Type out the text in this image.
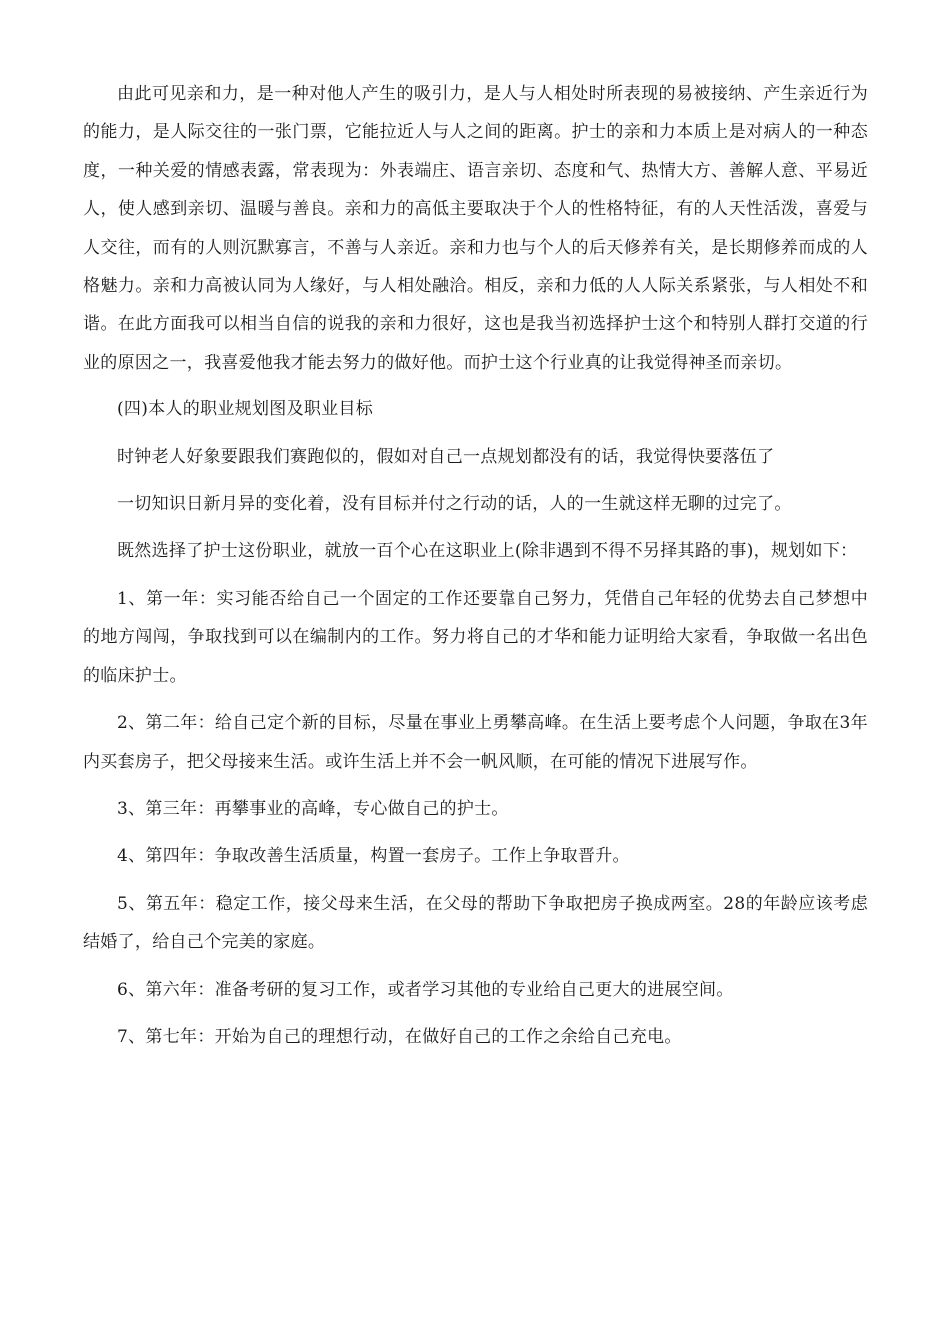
由此可见亲和力，是一种对他人产生的吸引力，是人与人相处时所表现的易被接纳、产生亲近行为的能力，是人际交往的一张门票，它能拉近人与人之间的距离。护士的亲和力本质上是对病人的一种态度，一种关爱的情感表露，常表现为：外表端庄、语言亲切、态度和气、热情大方、善解人意、平易近人，使人感到亲切、温暖与善良。亲和力的高低主要取决于个人的性格特征，有的人天性活泼，喜爱与人交往，而有的人则沉默寡言，不善与人亲近。亲和力也与个人的后天修养有关，是长期修养而成的人格魅力。亲和力高被认同为人缘好，与人相处融洽。相反，亲和力低的人人际关系紧张，与人相处不和谐。在此方面我可以相当自信的说我的亲和力很好，这也是我当初选择护士这个和特别人群打交道的行业的原因之一，我喜爱他我才能去努力的做好他。而护士这个行业真的让我觉得神圣而亲切。

(四)本人的职业规划图及职业目标

时钟老人好象要跟我们赛跑似的，假如对自己一点规划都没有的话，我觉得快要落伍了

一切知识日新月异的变化着，没有目标并付之行动的话，人的一生就这样无聊的过完了。

既然选择了护士这份职业，就放一百个心在这职业上(除非遇到不得不另择其路的事)，规划如下：

1、第一年：实习能否给自己一个固定的工作还要靠自己努力，凭借自己年轻的优势去自己梦想中的地方闯闯，争取找到可以在编制内的工作。努力将自己的才华和能力证明给大家看，争取做一名出色的临床护士。

2、第二年：给自己定个新的目标，尽量在事业上勇攀高峰。在生活上要考虑个人问题，争取在3年内买套房子，把父母接来生活。或许生活上并不会一帆风顺，在可能的情况下进展写作。

3、第三年：再攀事业的高峰，专心做自己的护士。

4、第四年：争取改善生活质量，构置一套房子。工作上争取晋升。

5、第五年：稳定工作，接父母来生活，在父母的帮助下争取把房子换成两室。28的年龄应该考虑结婚了，给自己个完美的家庭。

6、第六年：准备考研的复习工作，或者学习其他的专业给自己更大的进展空间。

7、第七年：开始为自己的理想行动，在做好自己的工作之余给自己充电。
